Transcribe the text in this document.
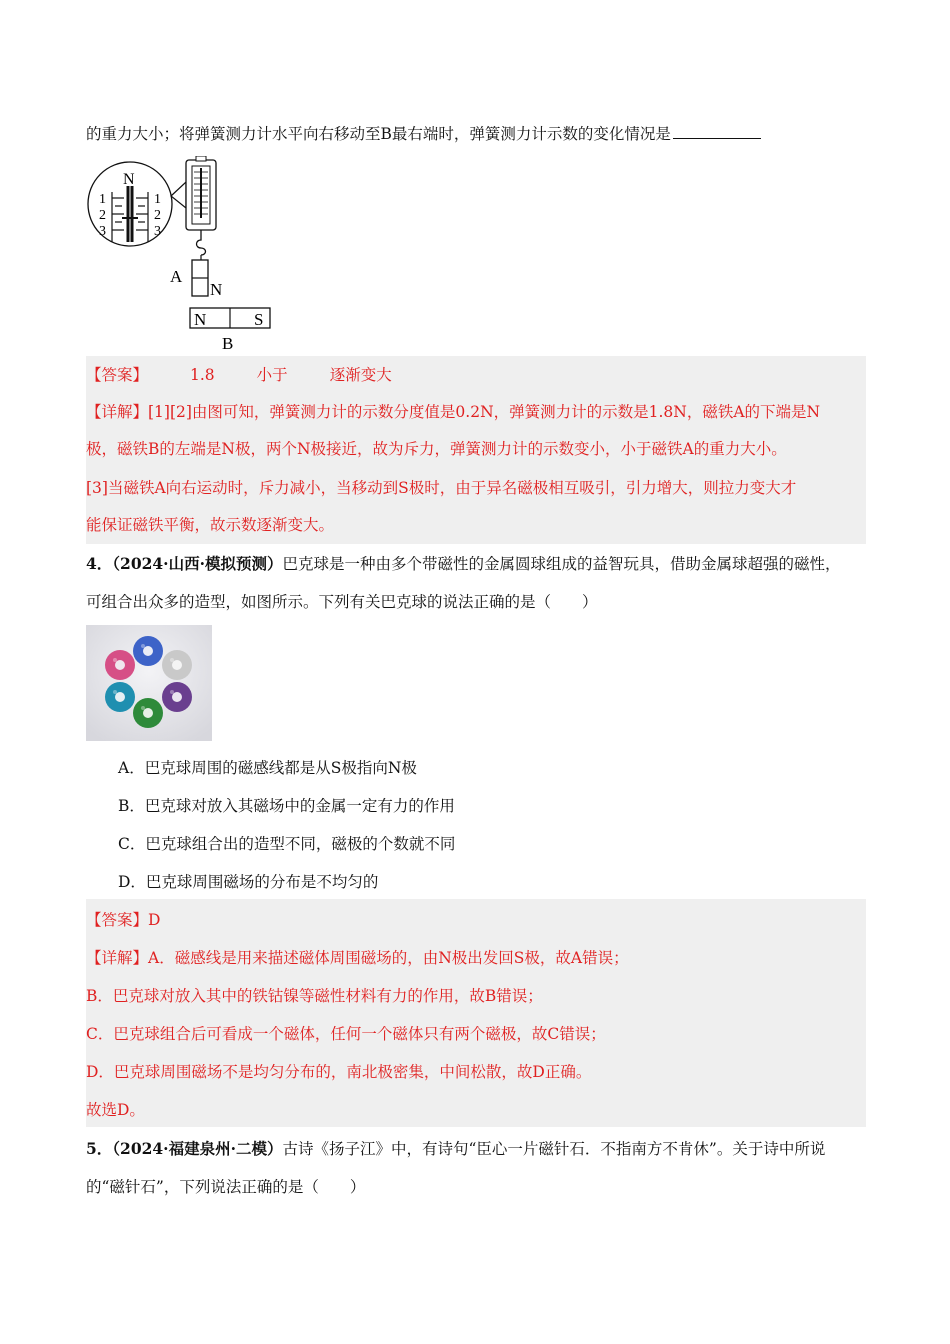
的重力大小；将弹簧测力计水平向右移动至B最右端时，弹簧测力计示数的变化情况是
N
1
2
3
1
2
3
A
N
N	S
B
【答案】	1.8	小于	逐渐变大
【详解】[1][2]由图可知，弹簧测力计的示数分度值是0.2N，弹簧测力计的示数是1.8N，磁铁A的下端是N
极，磁铁B的左端是N极，两个N极接近，故为斥力，弹簧测力计的示数变小，小于磁铁A的重力大小。
[3]当磁铁A向右运动时，斥力减小，当移动到S极时，由于异名磁极相互吸引，引力增大，则拉力变大才
能保证磁铁平衡，故示数逐渐变大。
4．（2024·山西·模拟预测）巴克球是一种由多个带磁性的金属圆球组成的益智玩具，借助金属球超强的磁性，
可组合出众多的造型，如图所示。下列有关巴克球的说法正确的是（　　）
A．巴克球周围的磁感线都是从S极指向N极
B．巴克球对放入其磁场中的金属一定有力的作用
C．巴克球组合出的造型不同，磁极的个数就不同
D．巴克球周围磁场的分布是不均匀的
【答案】D
【详解】A．磁感线是用来描述磁体周围磁场的，由N极出发回S极，故A错误；
B．巴克球对放入其中的铁钴镍等磁性材料有力的作用，故B错误；
C．巴克球组合后可看成一个磁体，任何一个磁体只有两个磁极，故C错误；
D．巴克球周围磁场不是均匀分布的，南北极密集，中间松散，故D正确。
故选D。
5．（2024·福建泉州·二模）古诗《扬子江》中，有诗句“臣心一片磁针石．不指南方不肯休”。关于诗中所说
的“磁针石”，下列说法正确的是（　　）
